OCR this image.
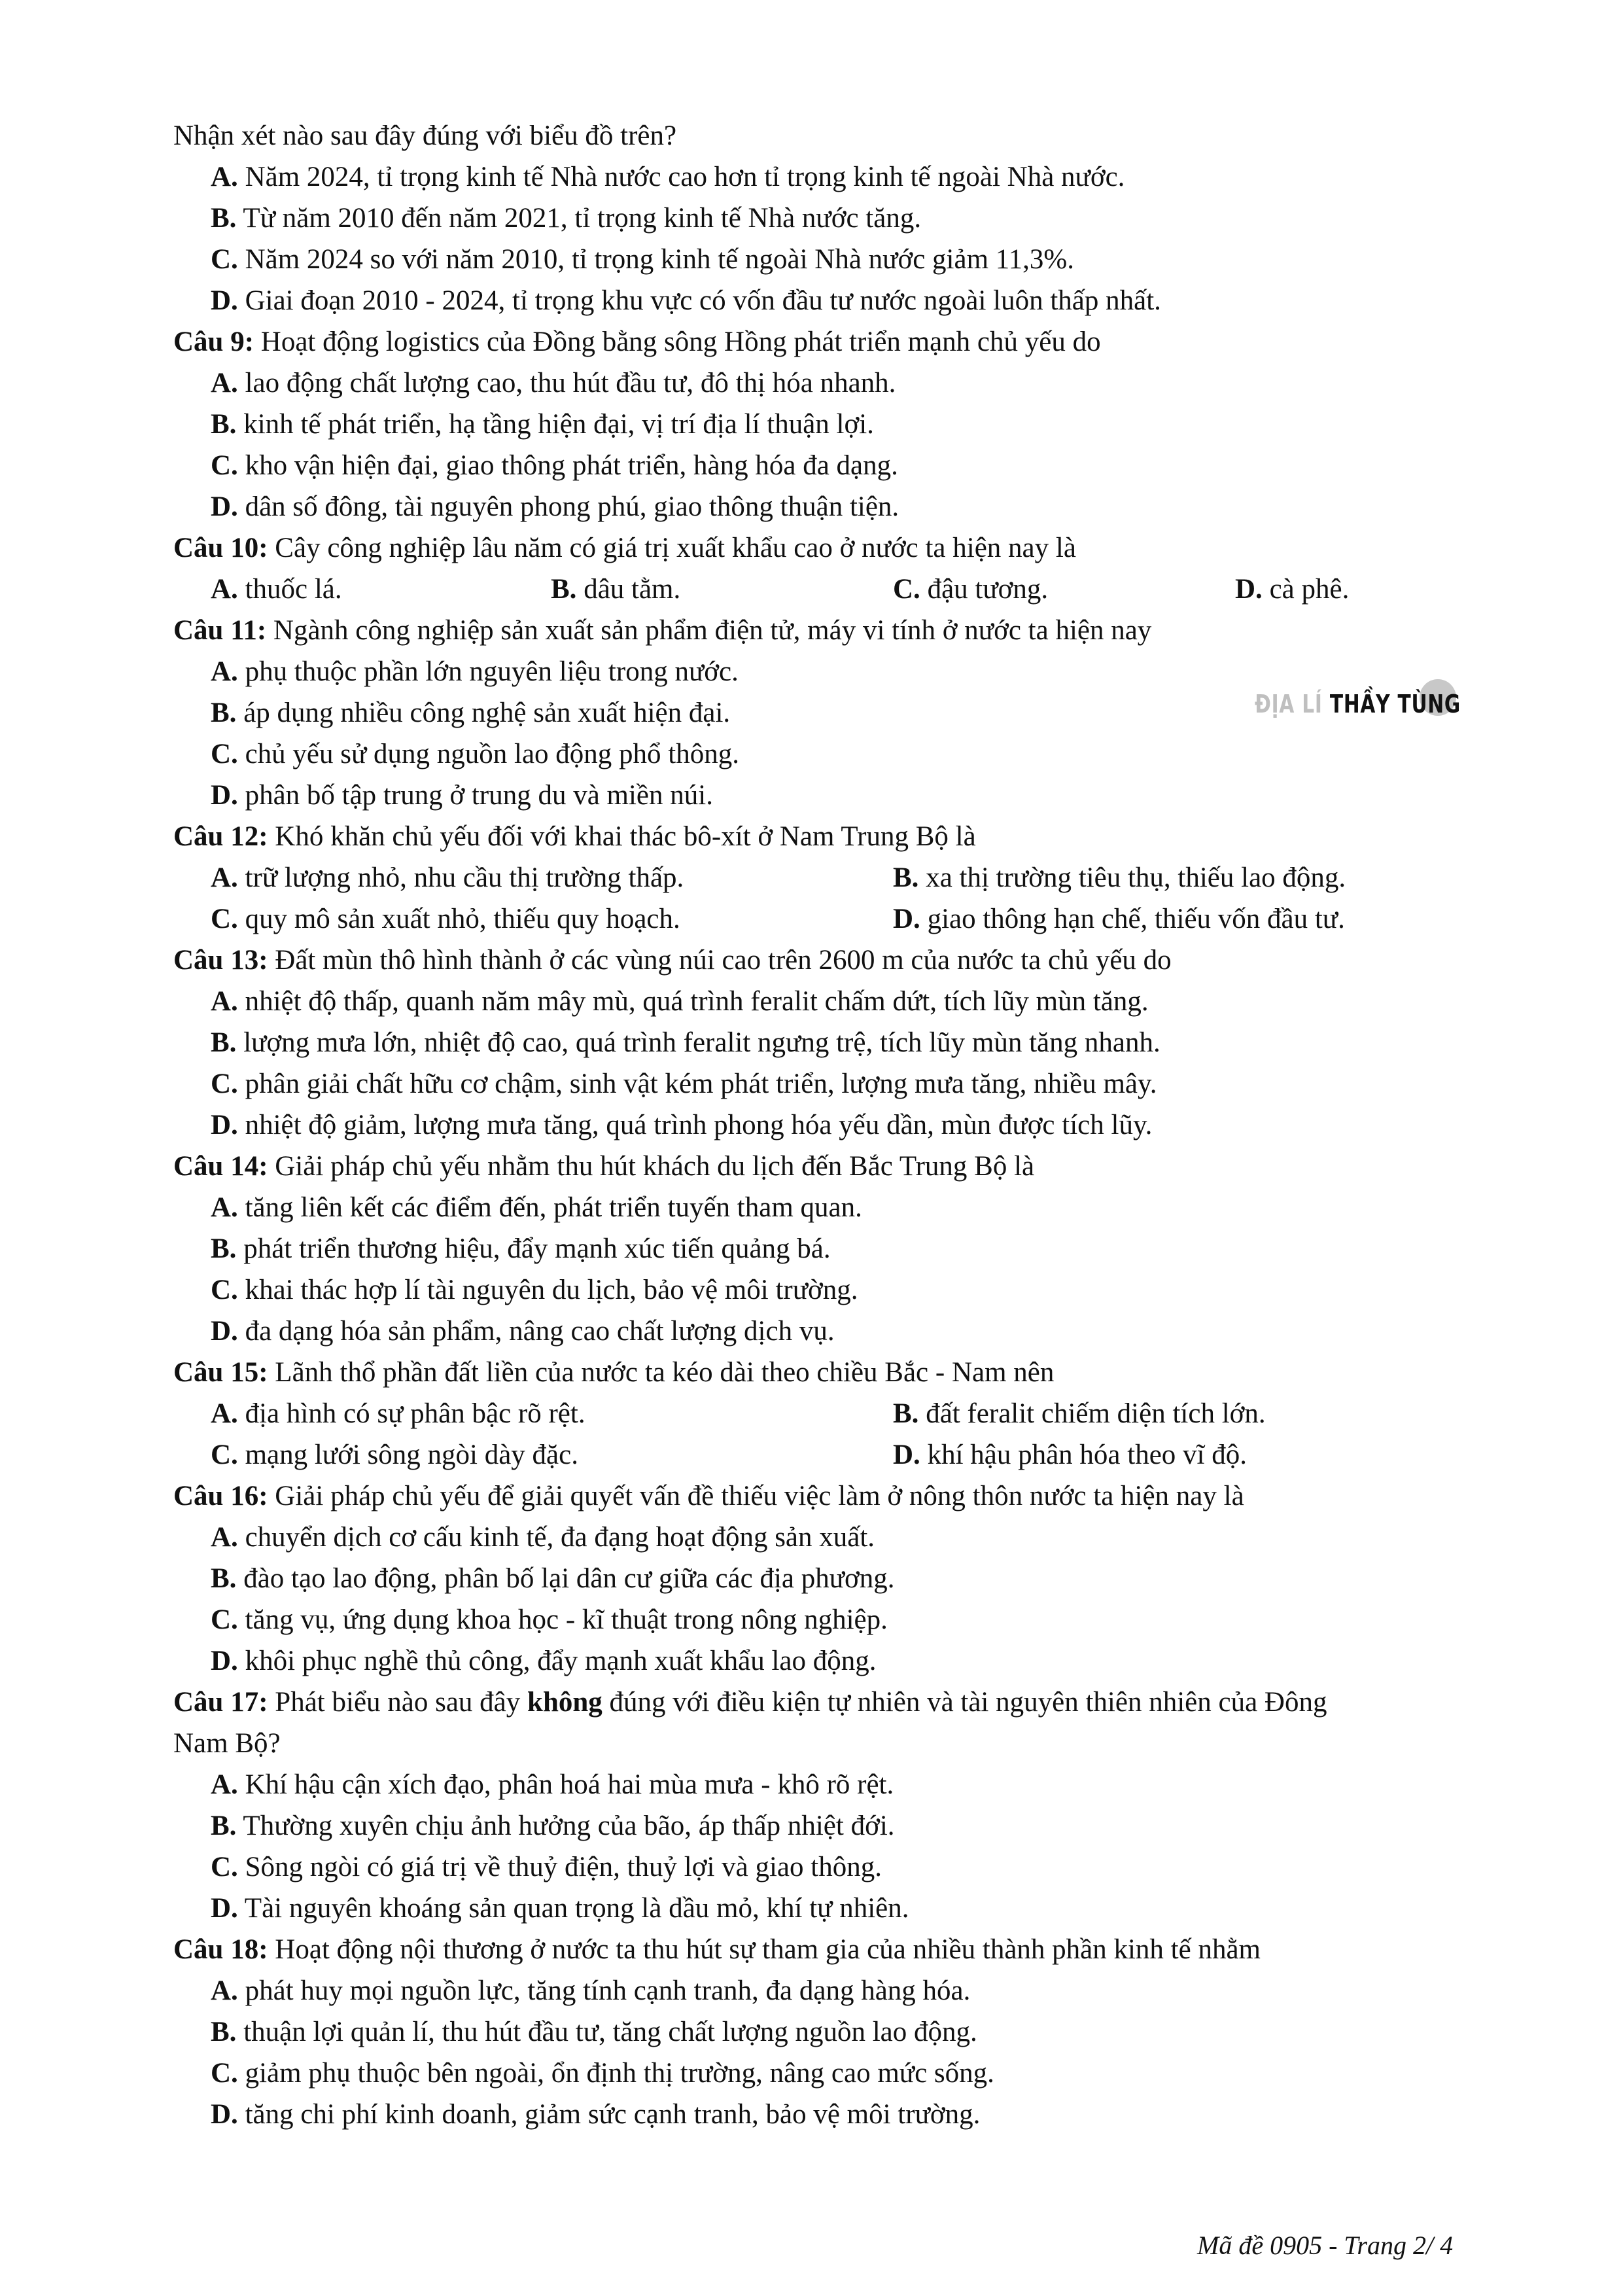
Nhận xét nào sau đây đúng với biểu đồ trên?
A. Năm 2024, tỉ trọng kinh tế Nhà nước cao hơn tỉ trọng kinh tế ngoài Nhà nước.
B. Từ năm 2010 đến năm 2021, tỉ trọng kinh tế Nhà nước tăng.
C. Năm 2024 so với năm 2010, tỉ trọng kinh tế ngoài Nhà nước giảm 11,3%.
D. Giai đoạn 2010 - 2024, tỉ trọng khu vực có vốn đầu tư nước ngoài luôn thấp nhất.
Câu 9: Hoạt động logistics của Đồng bằng sông Hồng phát triển mạnh chủ yếu do
A. lao động chất lượng cao, thu hút đầu tư, đô thị hóa nhanh.
B. kinh tế phát triển, hạ tầng hiện đại, vị trí địa lí thuận lợi.
C. kho vận hiện đại, giao thông phát triển, hàng hóa đa dạng.
D. dân số đông, tài nguyên phong phú, giao thông thuận tiện.
Câu 10: Cây công nghiệp lâu năm có giá trị xuất khẩu cao ở nước ta hiện nay là
A. thuốc lá.	B. dâu tằm.	C. đậu tương.	D. cà phê.
Câu 11: Ngành công nghiệp sản xuất sản phẩm điện tử, máy vi tính ở nước ta hiện nay
A. phụ thuộc phần lớn nguyên liệu trong nước.
B. áp dụng nhiều công nghệ sản xuất hiện đại.
C. chủ yếu sử dụng nguồn lao động phổ thông.
D. phân bố tập trung ở trung du và miền núi.
ĐỊA LÍ THẦY TÙNG
Câu 12: Khó khăn chủ yếu đối với khai thác bô-xít ở Nam Trung Bộ là
A. trữ lượng nhỏ, nhu cầu thị trường thấp.	B. xa thị trường tiêu thụ, thiếu lao động.
C. quy mô sản xuất nhỏ, thiếu quy hoạch.	D. giao thông hạn chế, thiếu vốn đầu tư.
Câu 13: Đất mùn thô hình thành ở các vùng núi cao trên 2600 m của nước ta chủ yếu do
A. nhiệt độ thấp, quanh năm mây mù, quá trình feralit chấm dứt, tích lũy mùn tăng.
B. lượng mưa lớn, nhiệt độ cao, quá trình feralit ngưng trệ, tích lũy mùn tăng nhanh.
C. phân giải chất hữu cơ chậm, sinh vật kém phát triển, lượng mưa tăng, nhiều mây.
D. nhiệt độ giảm, lượng mưa tăng, quá trình phong hóa yếu dần, mùn được tích lũy.
Câu 14: Giải pháp chủ yếu nhằm thu hút khách du lịch đến Bắc Trung Bộ là
A. tăng liên kết các điểm đến, phát triển tuyến tham quan.
B. phát triển thương hiệu, đẩy mạnh xúc tiến quảng bá.
C. khai thác hợp lí tài nguyên du lịch, bảo vệ môi trường.
D. đa dạng hóa sản phẩm, nâng cao chất lượng dịch vụ.
Câu 15: Lãnh thổ phần đất liền của nước ta kéo dài theo chiều Bắc - Nam nên
A. địa hình có sự phân bậc rõ rệt.	B. đất feralit chiếm diện tích lớn.
C. mạng lưới sông ngòi dày đặc.	D. khí hậu phân hóa theo vĩ độ.
Câu 16: Giải pháp chủ yếu để giải quyết vấn đề thiếu việc làm ở nông thôn nước ta hiện nay là
A. chuyển dịch cơ cấu kinh tế, đa đạng hoạt động sản xuất.
B. đào tạo lao động, phân bố lại dân cư giữa các địa phương.
C. tăng vụ, ứng dụng khoa học - kĩ thuật trong nông nghiệp.
D. khôi phục nghề thủ công, đẩy mạnh xuất khẩu lao động.
Câu 17: Phát biểu nào sau đây không đúng với điều kiện tự nhiên và tài nguyên thiên nhiên của Đông
Nam Bộ?
A. Khí hậu cận xích đạo, phân hoá hai mùa mưa - khô rõ rệt.
B. Thường xuyên chịu ảnh hưởng của bão, áp thấp nhiệt đới.
C. Sông ngòi có giá trị về thuỷ điện, thuỷ lợi và giao thông.
D. Tài nguyên khoáng sản quan trọng là dầu mỏ, khí tự nhiên.
Câu 18: Hoạt động nội thương ở nước ta thu hút sự tham gia của nhiều thành phần kinh tế nhằm
A. phát huy mọi nguồn lực, tăng tính cạnh tranh, đa dạng hàng hóa.
B. thuận lợi quản lí, thu hút đầu tư, tăng chất lượng nguồn lao động.
C. giảm phụ thuộc bên ngoài, ổn định thị trường, nâng cao mức sống.
D. tăng chi phí kinh doanh, giảm sức cạnh tranh, bảo vệ môi trường.
Mã đề 0905 - Trang 2/ 4
